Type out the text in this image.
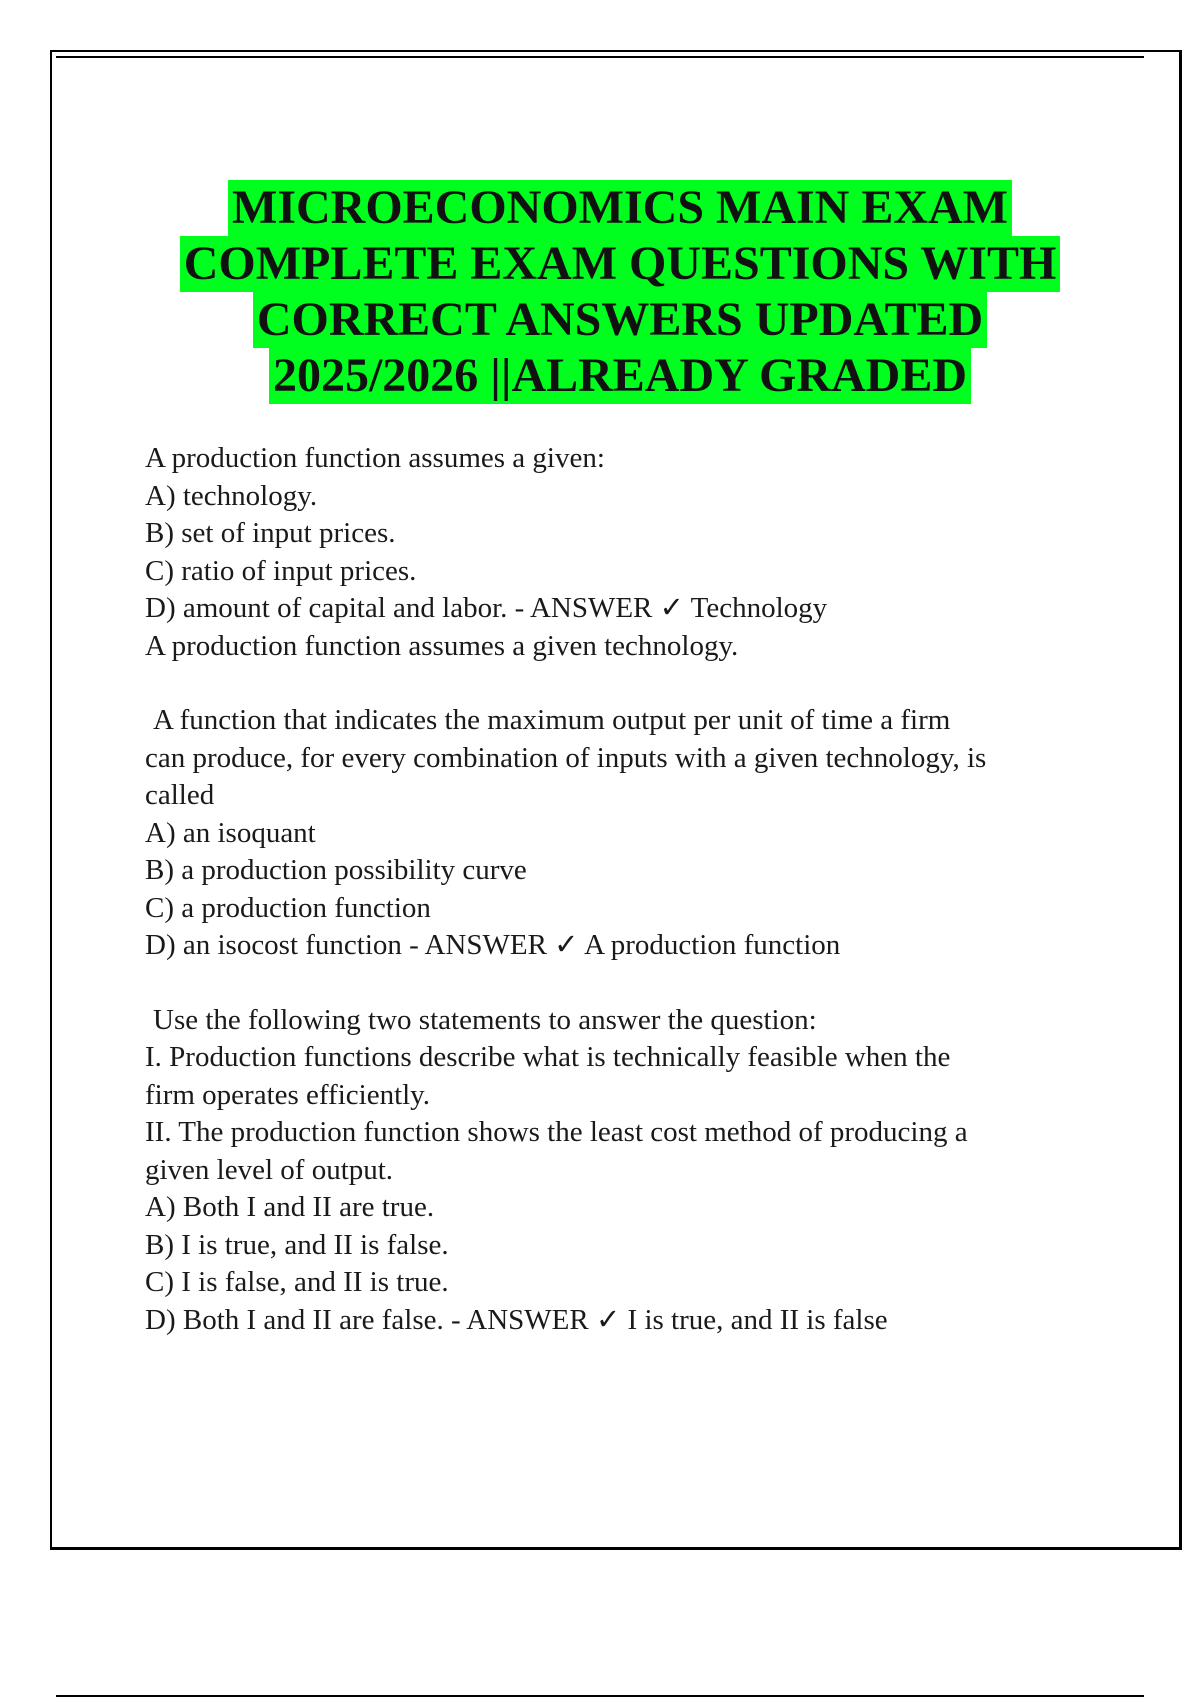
MICROECONOMICS MAIN EXAM
COMPLETE EXAM QUESTIONS WITH
CORRECT ANSWERS UPDATED
2025/2026 ||ALREADY GRADED
A production function assumes a given:
A) technology.
B) set of input prices.
C) ratio of input prices.
D) amount of capital and labor. - ANSWER ✓ Technology
A production function assumes a given technology.
A function that indicates the maximum output per unit of time a firm
can produce, for every combination of inputs with a given technology, is
called
A) an isoquant
B) a production possibility curve
C) a production function
D) an isocost function - ANSWER ✓ A production function
Use the following two statements to answer the question:
I. Production functions describe what is technically feasible when the
firm operates efficiently.
II. The production function shows the least cost method of producing a
given level of output.
A) Both I and II are true.
B) I is true, and II is false.
C) I is false, and II is true.
D) Both I and II are false. - ANSWER ✓ I is true, and II is false
